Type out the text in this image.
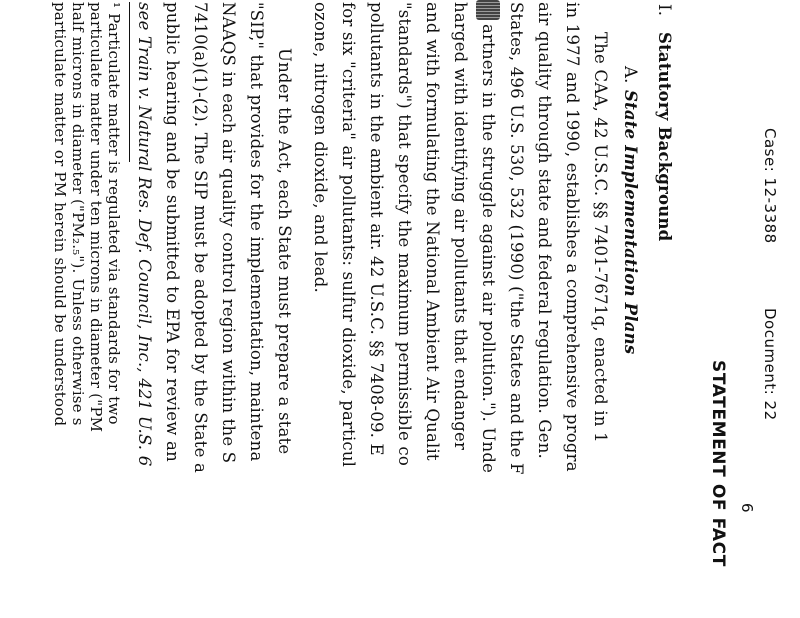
Case: 12-3388
Document: 22
STATEMENT OF FACT
I.
Statutory Background
A.
State Implementation Plans
The CAA, 42 U.S.C. §§ 7401-7671q, enacted in 1
in 1977 and 1990, establishes a comprehensive progra
air quality through state and federal regulation. Gen.
States, 496 U.S. 530, 532 (1990) ("the States and the F
artners in the struggle against air pollution."). Unde
harged with identifying air pollutants that endanger
and with formulating the National Ambient Air Qualit
"standards") that specify the maximum permissible co
pollutants in the ambient air. 42 U.S.C. §§ 7408-09. E
for six "criteria" air pollutants: sulfur dioxide, particul
ozone, nitrogen dioxide, and lead.
Under the Act, each State must prepare a state
"SIP," that provides for the implementation, maintena
NAAQS in each air quality control region within the S
7410(a)(1)-(2). The SIP must be adopted by the State a
public hearing and be submitted to EPA for review an
see Train v. Natural Res. Def. Council, Inc., 421 U.S. 6
¹ Particulate matter is regulated via standards for two
particulate matter under ten microns in diameter ("PM
half microns in diameter ("PM₂.₅"). Unless otherwise s
particulate matter or PM herein should be understood
6
